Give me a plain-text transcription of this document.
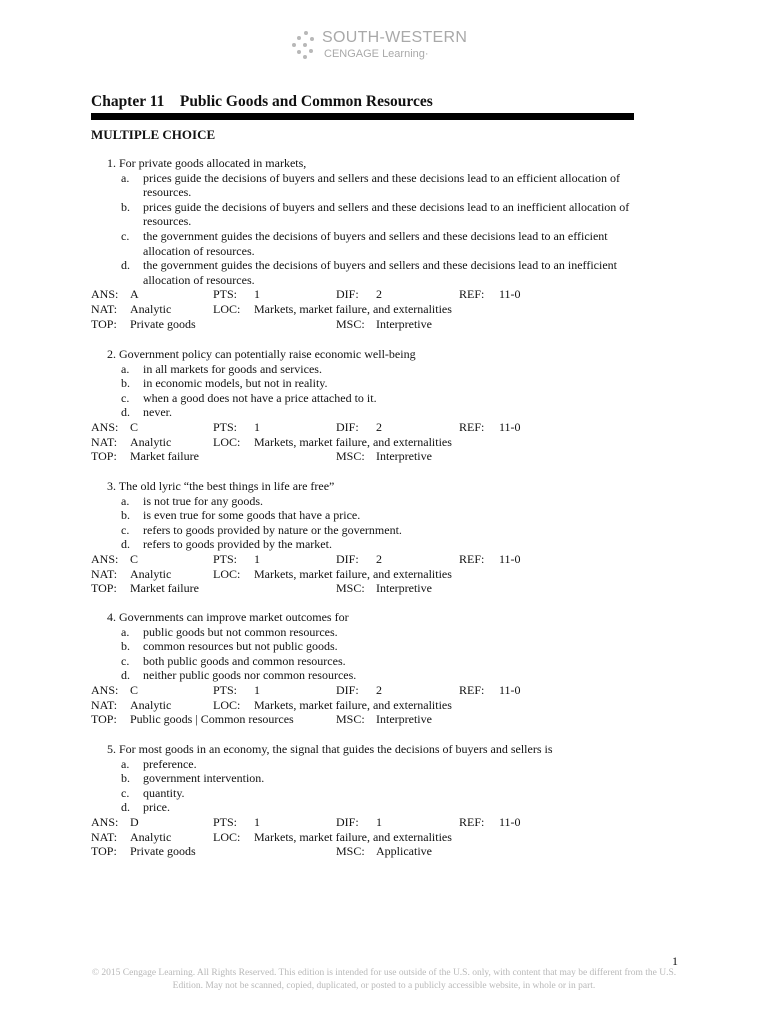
SOUTH-WESTERN
CENGAGE Learning·
Chapter 11    Public Goods and Common Resources
MULTIPLE CHOICE
1. For private goods allocated in markets,
a. prices guide the decisions of buyers and sellers and these decisions lead to an efficient allocation of resources.
b. prices guide the decisions of buyers and sellers and these decisions lead to an inefficient allocation of resources.
c. the government guides the decisions of buyers and sellers and these decisions lead to an efficient allocation of resources.
d. the government guides the decisions of buyers and sellers and these decisions lead to an inefficient allocation of resources.
ANS: A	PTS: 1	DIF: 2	REF: 11-0
NAT: Analytic	LOC: Markets, market failure, and externalities
TOP: Private goods	MSC: Interpretive
2. Government policy can potentially raise economic well-being
a. in all markets for goods and services.
b. in economic models, but not in reality.
c. when a good does not have a price attached to it.
d. never.
ANS: C	PTS: 1	DIF: 2	REF: 11-0
NAT: Analytic	LOC: Markets, market failure, and externalities
TOP: Market failure	MSC: Interpretive
3. The old lyric “the best things in life are free”
a. is not true for any goods.
b. is even true for some goods that have a price.
c. refers to goods provided by nature or the government.
d. refers to goods provided by the market.
ANS: C	PTS: 1	DIF: 2	REF: 11-0
NAT: Analytic	LOC: Markets, market failure, and externalities
TOP: Market failure	MSC: Interpretive
4. Governments can improve market outcomes for
a. public goods but not common resources.
b. common resources but not public goods.
c. both public goods and common resources.
d. neither public goods nor common resources.
ANS: C	PTS: 1	DIF: 2	REF: 11-0
NAT: Analytic	LOC: Markets, market failure, and externalities
TOP: Public goods | Common resources	MSC: Interpretive
5. For most goods in an economy, the signal that guides the decisions of buyers and sellers is
a. preference.
b. government intervention.
c. quantity.
d. price.
ANS: D	PTS: 1	DIF: 1	REF: 11-0
NAT: Analytic	LOC: Markets, market failure, and externalities
TOP: Private goods	MSC: Applicative
1
© 2015 Cengage Learning. All Rights Reserved. This edition is intended for use outside of the U.S. only, with content that may be different from the U.S. Edition. May not be scanned, copied, duplicated, or posted to a publicly accessible website, in whole or in part.
